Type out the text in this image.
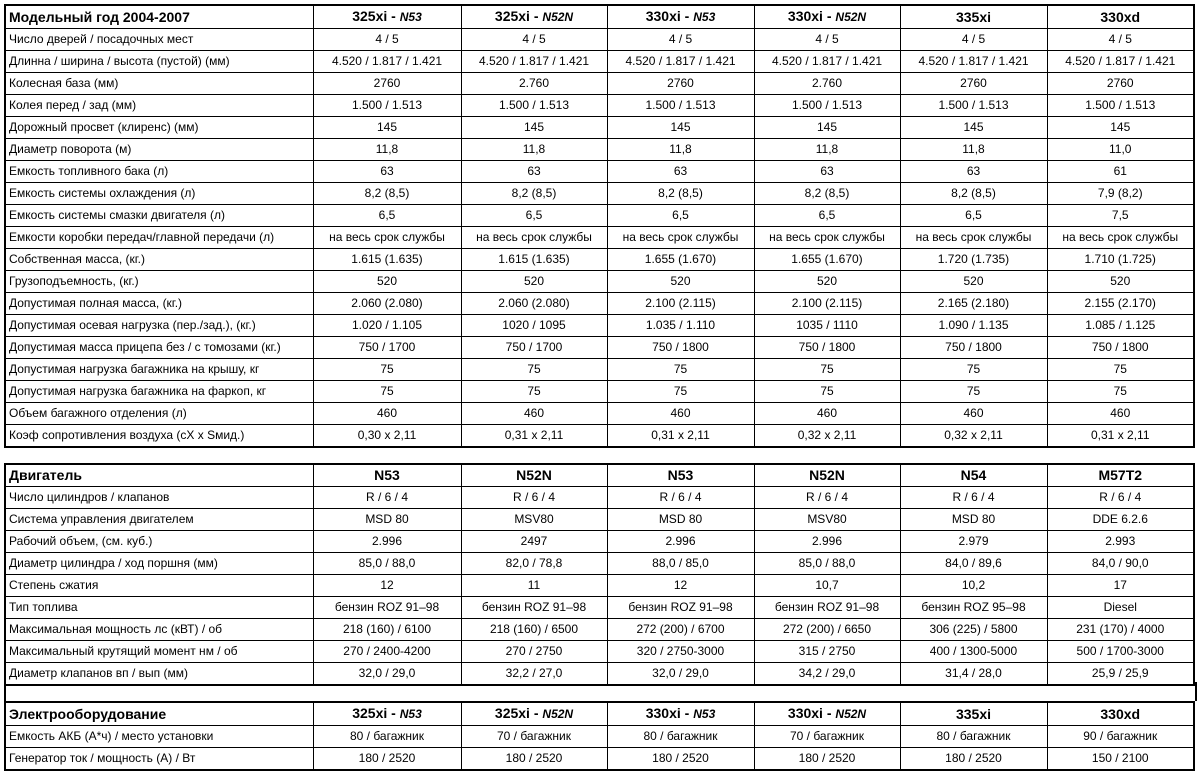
Модельный год 2004-2007	325xi - N53	325xi - N52N	330xi - N53	330xi - N52N	335xi	330xd
Число дверей / посадочных мест	4 / 5	4 / 5	4 / 5	4 / 5	4 / 5	4 / 5
Длинна / ширина / высота (пустой) (мм)	4.520 / 1.817 / 1.421	4.520 / 1.817 / 1.421	4.520 / 1.817 / 1.421	4.520 / 1.817 / 1.421	4.520 / 1.817 / 1.421	4.520 / 1.817 / 1.421
Колесная база (мм)	2760	2.760	2760	2.760	2760	2760
Колея перед / зад (мм)	1.500 / 1.513	1.500 / 1.513	1.500 / 1.513	1.500 / 1.513	1.500 / 1.513	1.500 / 1.513
Дорожный просвет (клиренс) (мм)	145	145	145	145	145	145
Диаметр поворота (м)	11,8	11,8	11,8	11,8	11,8	11,0
Емкость топливного бака (л)	63	63	63	63	63	61
Емкость системы охлаждения (л)	8,2 (8,5)	8,2 (8,5)	8,2 (8,5)	8,2 (8,5)	8,2 (8,5)	7,9 (8,2)
Емкость системы смазки двигателя (л)	6,5	6,5	6,5	6,5	6,5	7,5
Емкости коробки передач/главной передачи (л)	на весь срок службы	на весь срок службы	на весь срок службы	на весь срок службы	на весь срок службы	на весь срок службы
Собственная масса, (кг.)	1.615 (1.635)	1.615 (1.635)	1.655 (1.670)	1.655 (1.670)	1.720 (1.735)	1.710 (1.725)
Грузоподъемность, (кг.)	520	520	520	520	520	520
Допустимая полная масса, (кг.)	2.060 (2.080)	2.060 (2.080)	2.100 (2.115)	2.100 (2.115)	2.165 (2.180)	2.155 (2.170)
Допустимая осевая нагрузка (пер./зад.), (кг.)	1.020 / 1.105	1020 / 1095	1.035 / 1.110	1035 / 1110	1.090 / 1.135	1.085 / 1.125
Допустимая масса прицепа без / с томозами (кг.)	750 / 1700	750 / 1700	750 / 1800	750 / 1800	750 / 1800	750 / 1800
Допустимая нагрузка багажника на крышу, кг	75	75	75	75	75	75
Допустимая нагрузка багажника на фаркоп, кг	75	75	75	75	75	75
Объем багажного отделения (л)	460	460	460	460	460	460
Коэф сопротивления воздуха (сX х Sмид.)	0,30 х 2,11	0,31 х 2,11	0,31 х 2,11	0,32 х 2,11	0,32 х 2,11	0,31 х 2,11
Двигатель	N53	N52N	N53	N52N	N54	M57T2
Число цилиндров / клапанов	R / 6 / 4	R / 6 / 4	R / 6 / 4	R / 6 / 4	R / 6 / 4	R / 6 / 4
Система управления двигателем	MSD 80	MSV80	MSD 80	MSV80	MSD 80	DDE 6.2.6
Рабочий объем, (см. куб.)	2.996	2497	2.996	2.996	2.979	2.993
Диаметр цилиндра / ход поршня (мм)	85,0 / 88,0	82,0 / 78,8	88,0 / 85,0	85,0 / 88,0	84,0 / 89,6	84,0 / 90,0
Степень сжатия	12	11	12	10,7	10,2	17
Тип топлива	бензин ROZ 91–98	бензин ROZ 91–98	бензин ROZ 91–98	бензин ROZ 91–98	бензин ROZ 95–98	Diesel
Максимальная мощность лс (кВТ) / об	218 (160) / 6100	218 (160) / 6500	272 (200) / 6700	272 (200) / 6650	306 (225) / 5800	231 (170) / 4000
Максимальный крутящий момент нм / об	270 / 2400-4200	270 / 2750	320 / 2750-3000	315 / 2750	400 / 1300-5000	500 / 1700-3000
Диаметр клапанов вп / вып (мм)	32,0 / 29,0	32,2 / 27,0	32,0 / 29,0	34,2 / 29,0	31,4 / 28,0	25,9 / 25,9
Электрооборудование	325xi - N53	325xi - N52N	330xi - N53	330xi - N52N	335xi	330xd
Емкость АКБ (А*ч) / место установки	80 / багажник	70 / багажник	80 / багажник	70 / багажник	80 / багажник	90 / багажник
Генератор ток / мощность (А) / Вт	180 / 2520	180 / 2520	180 / 2520	180 / 2520	180 / 2520	150 / 2100
